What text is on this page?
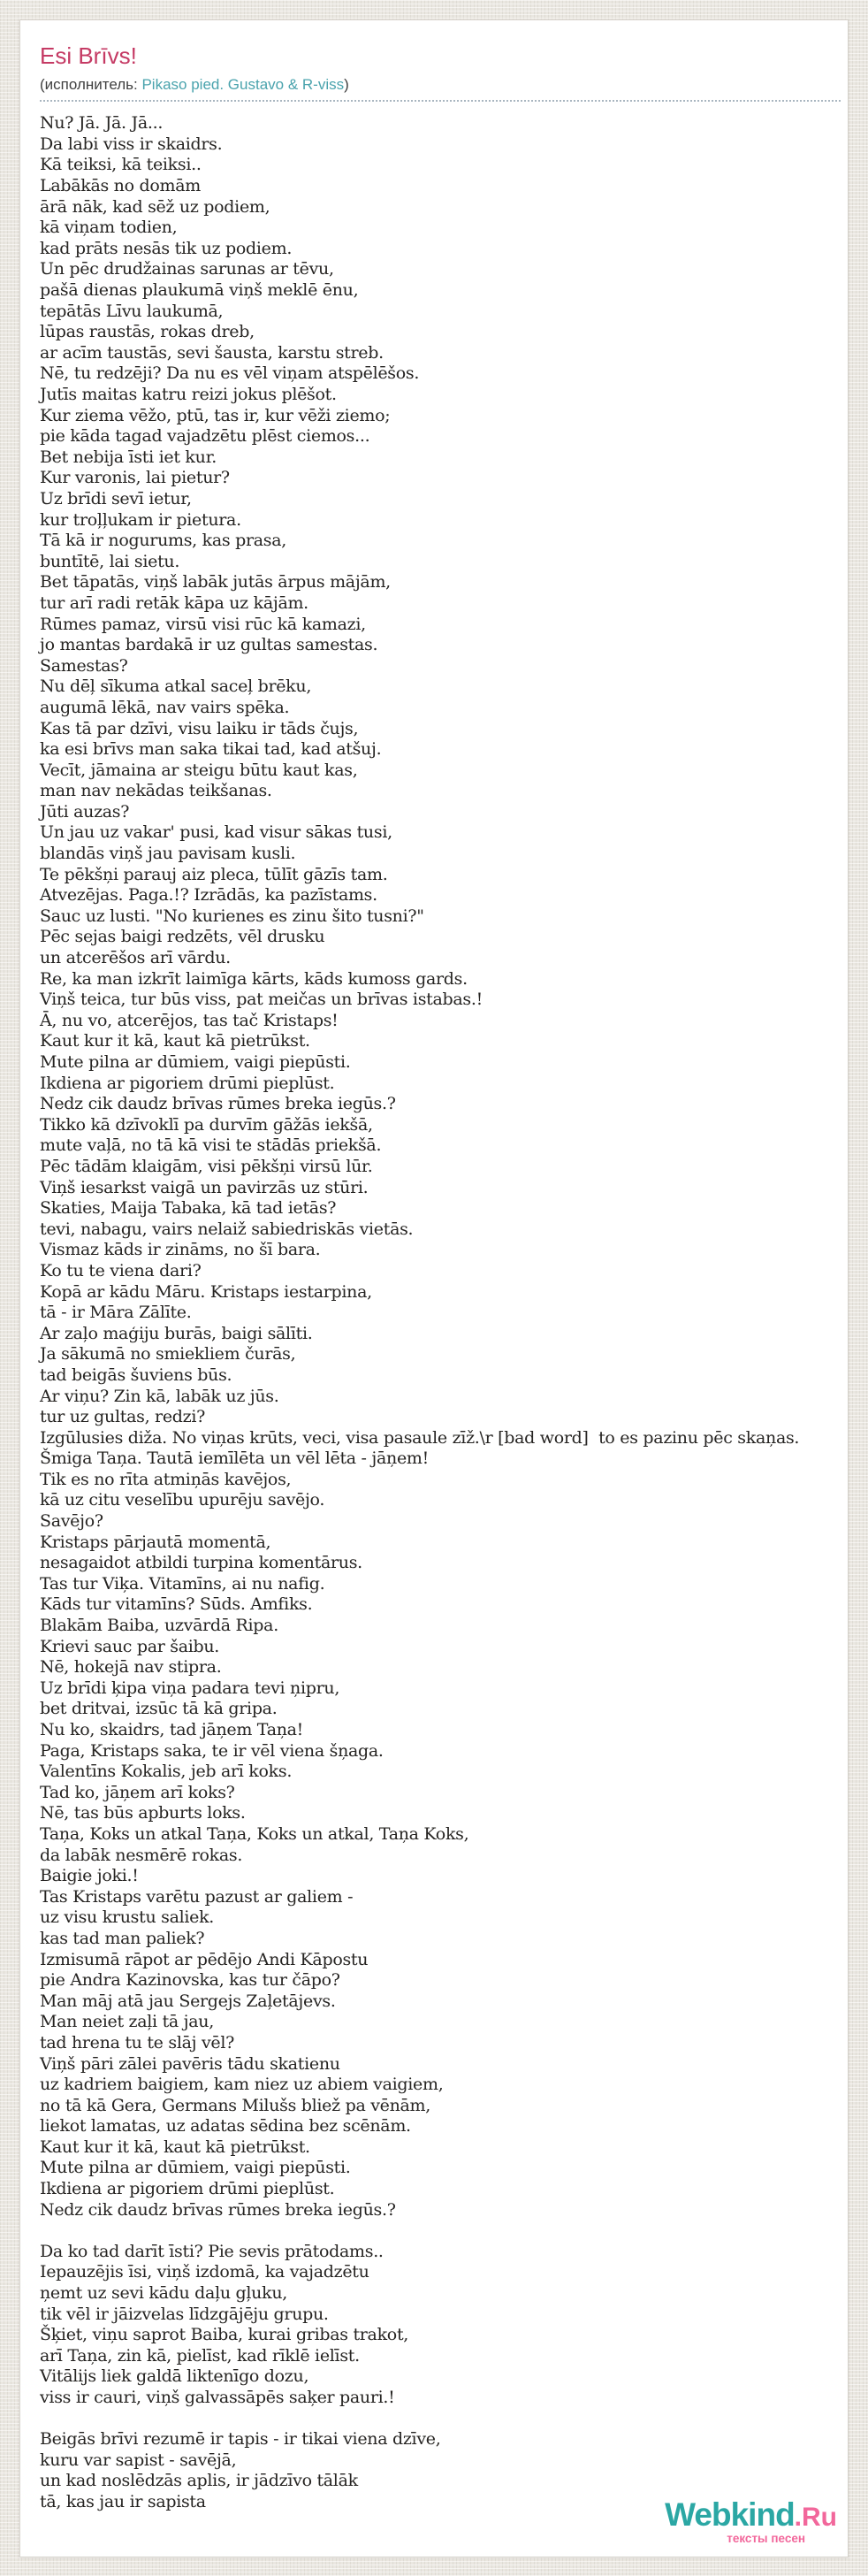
Esi Brīvs!
(исполнитель: Pikaso pied. Gustavo & R-viss)
Nu? Jā. Jā. Jā...
Da labi viss ir skaidrs.
Kā teiksi, kā teiksi..
Labākās no domām
ārā nāk, kad sēž uz podiem,
kā viņam todien,
kad prāts nesās tik uz podiem.
Un pēc drudžainas sarunas ar tēvu,
pašā dienas plaukumā viņš meklē ēnu,
tepātās Līvu laukumā,
lūpas raustās, rokas dreb,
ar acīm taustās, sevi šausta, karstu streb.
Nē, tu redzēji? Da nu es vēl viņam atspēlēšos.
Jutīs maitas katru reizi jokus plēšot.
Kur ziema vēžo, ptū, tas ir, kur vēži ziemo;
pie kāda tagad vajadzētu plēst ciemos...
Bet nebija īsti iet kur.
Kur varonis, lai pietur?
Uz brīdi sevī ietur,
kur troļļukam ir pietura.
Tā kā ir nogurums, kas prasa,
buntītē, lai sietu.
Bet tāpatās, viņš labāk jutās ārpus mājām,
tur arī radi retāk kāpa uz kājām.
Rūmes pamaz, virsū visi rūc kā kamazi,
jo mantas bardakā ir uz gultas samestas.
Samestas?
Nu dēļ sīkuma atkal saceļ brēku,
augumā lēkā, nav vairs spēka.
Kas tā par dzīvi, visu laiku ir tāds čujs,
ka esi brīvs man saka tikai tad, kad atšuj.
Vecīt, jāmaina ar steigu būtu kaut kas,
man nav nekādas teikšanas.
Jūti auzas?
Un jau uz vakar' pusi, kad visur sākas tusi,
blandās viņš jau pavisam kusli.
Te pēkšņi parauj aiz pleca, tūlīt gāzīs tam.
Atvezējas. Paga.!? Izrādās, ka pazīstams.
Sauc uz lusti. "No kurienes es zinu šito tusni?"
Pēc sejas baigi redzēts, vēl drusku
un atcerēšos arī vārdu.
Re, ka man izkrīt laimīga kārts, kāds kumoss gards.
Viņš teica, tur būs viss, pat meičas un brīvas istabas.!
Ā, nu vo, atcerējos, tas tač Kristaps!
Kaut kur it kā, kaut kā pietrūkst.
Mute pilna ar dūmiem, vaigi piepūsti.
Ikdiena ar pigoriem drūmi pieplūst.
Nedz cik daudz brīvas rūmes breka iegūs.?
Tikko kā dzīvoklī pa durvīm gāžās iekšā,
mute vaļā, no tā kā visi te stādās priekšā.
Pēc tādām klaigām, visi pēkšņi virsū lūr.
Viņš iesarkst vaigā un pavirzās uz stūri.
Skaties, Maija Tabaka, kā tad ietās?
tevi, nabagu, vairs nelaiž sabiedriskās vietās.
Vismaz kāds ir zināms, no šī bara.
Ko tu te viena dari?
Kopā ar kādu Māru. Kristaps iestarpina,
tā - ir Māra Zālīte.
Ar zaļo maģiju burās, baigi sālīti.
Ja sākumā no smiekliem čurās,
tad beigās šuviens būs.
Ar viņu? Zin kā, labāk uz jūs.
tur uz gultas, redzi?
Izgūlusies diža. No viņas krūts, veci, visa pasaule zīž.\r [bad word]  to es pazinu pēc skaņas.
Šmiga Taņa. Tautā iemīlēta un vēl lēta - jāņem!
Tik es no rīta atmiņās kavējos,
kā uz citu veselību upurēju savējo.
Savējo?
Kristaps pārjautā momentā,
nesagaidot atbildi turpina komentārus.
Tas tur Viķa. Vitamīns, ai nu nafig.
Kāds tur vitamīns? Sūds. Amfiks.
Blakām Baiba, uzvārdā Ripa.
Krievi sauc par šaibu.
Nē, hokejā nav stipra.
Uz brīdi ķipa viņa padara tevi ņipru,
bet dritvai, izsūc tā kā gripa.
Nu ko, skaidrs, tad jāņem Taņa!
Paga, Kristaps saka, te ir vēl viena šņaga.
Valentīns Kokalis, jeb arī koks.
Tad ko, jāņem arī koks?
Nē, tas būs apburts loks.
Taņa, Koks un atkal Taņa, Koks un atkal, Taņa Koks,
da labāk nesmērē rokas.
Baigie joki.!
Tas Kristaps varētu pazust ar galiem -
uz visu krustu saliek.
kas tad man paliek?
Izmisumā rāpot ar pēdējo Andi Kāpostu
pie Andra Kazinovska, kas tur čāpo?
Man māj atā jau Sergejs Zaļetājevs.
Man neiet zaļi tā jau,
tad hrena tu te slāj vēl?
Viņš pāri zālei pavēris tādu skatienu
uz kadriem baigiem, kam niez uz abiem vaigiem,
no tā kā Gera, Germans Milušs bliež pa vēnām,
liekot lamatas, uz adatas sēdina bez scēnām.
Kaut kur it kā, kaut kā pietrūkst.
Mute pilna ar dūmiem, vaigi piepūsti.
Ikdiena ar pigoriem drūmi pieplūst.
Nedz cik daudz brīvas rūmes breka iegūs.?

Da ko tad darīt īsti? Pie sevis prātodams..
Iepauzējis īsi, viņš izdomā, ka vajadzētu
ņemt uz sevi kādu daļu gļuku,
tik vēl ir jāizvelas līdzgājēju grupu.
Šķiet, viņu saprot Baiba, kurai gribas trakot,
arī Taņa, zin kā, pielīst, kad rīklē ielīst.
Vitālijs liek galdā liktenīgo dozu,
viss ir cauri, viņš galvassāpēs saķer pauri.!

Beigās brīvi rezumē ir tapis - ir tikai viena dzīve,
kuru var sapist - savējā,
un kad noslēdzās aplis, ir jādzīvo tālāk
tā, kas jau ir sapista	Webkind.Ru
тексты песен
